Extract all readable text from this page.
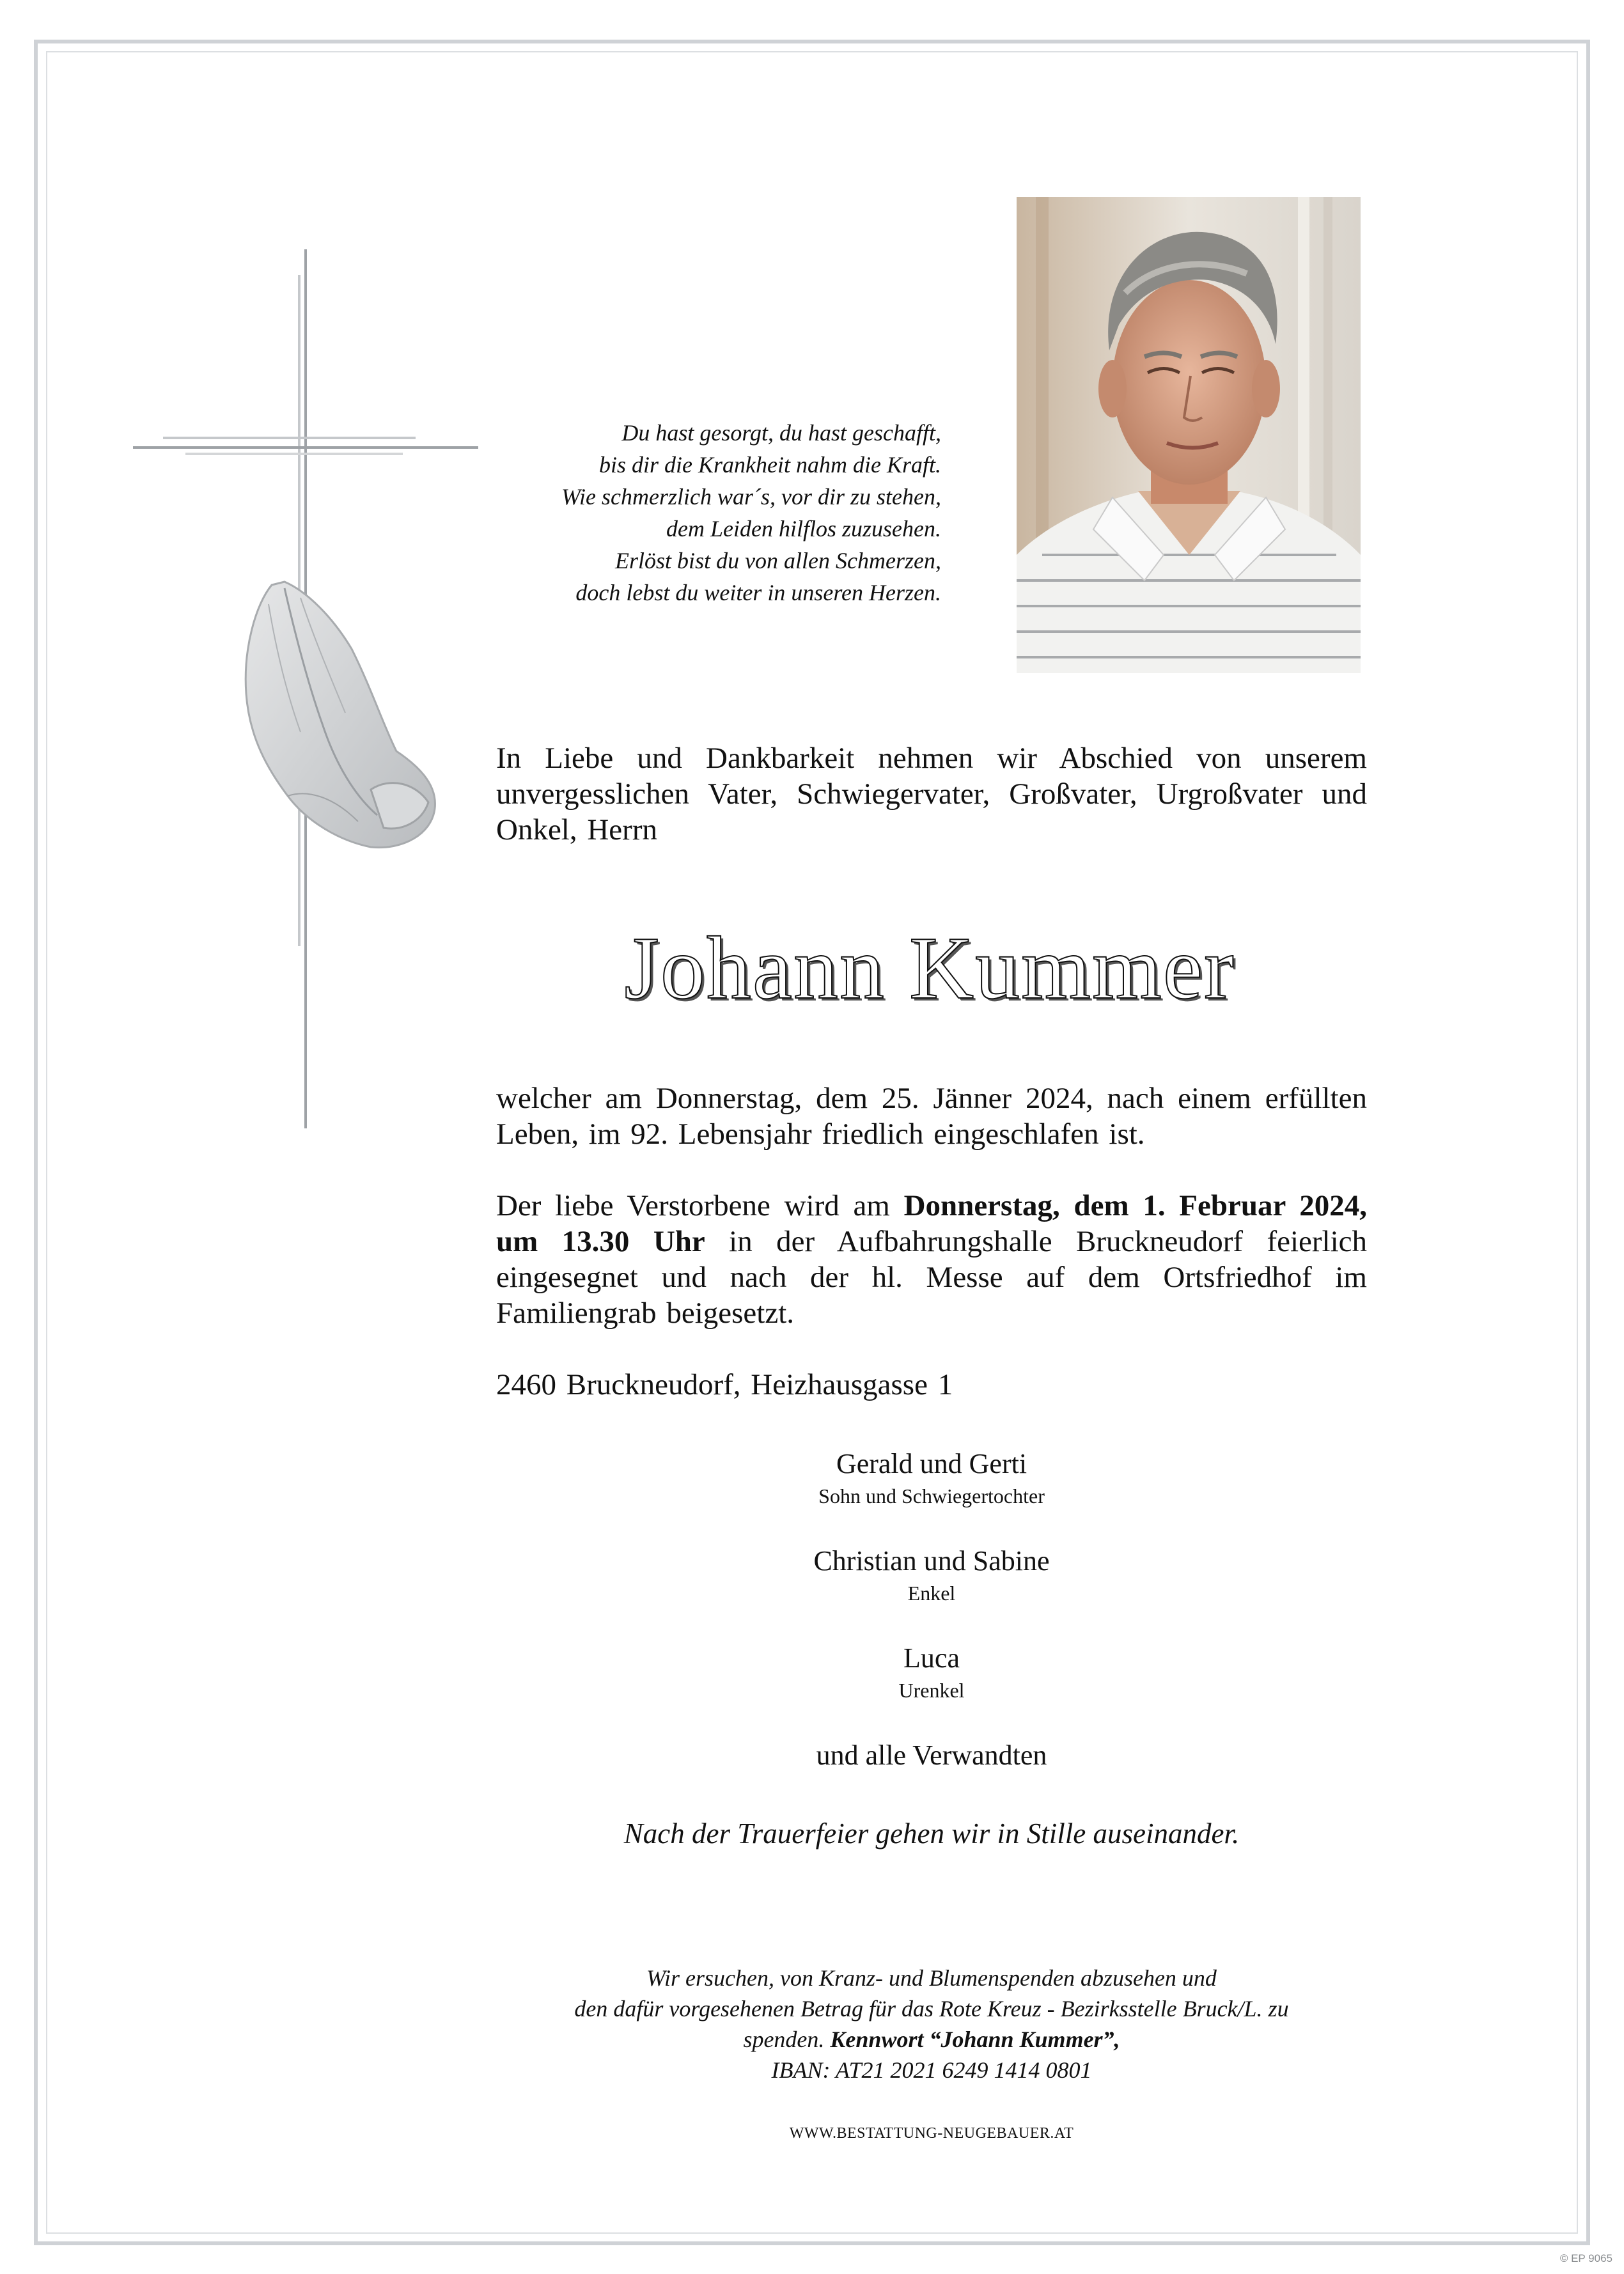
Du hast gesorgt, du hast geschafft,
bis dir die Krankheit nahm die Kraft.
Wie schmerzlich war´s, vor dir zu stehen,
dem Leiden hilflos zuzusehen.
Erlöst bist du von allen Schmerzen,
doch lebst du weiter in unseren Herzen.
In Liebe und Dankbarkeit nehmen wir Abschied von unserem unvergesslichen Vater, Schwiegervater, Großvater, Urgroßvater und Onkel, Herrn
Johann Kummer
welcher am Donnerstag, dem 25. Jänner 2024, nach einem erfüllten Leben, im 92. Lebensjahr friedlich eingeschlafen ist.
Der liebe Verstorbene wird am Donnerstag, dem 1. Februar 2024, um 13.30 Uhr in der Aufbahrungshalle Bruckneudorf feierlich eingesegnet und nach der hl. Messe auf dem Ortsfriedhof im Familiengrab beigesetzt.
2460 Bruckneudorf, Heizhausgasse 1
Gerald und Gerti
Sohn und Schwiegertochter
Christian und Sabine
Enkel
Luca
Urenkel
und alle Verwandten
Nach der Trauerfeier gehen wir in Stille auseinander.
Wir ersuchen, von Kranz- und Blumenspenden abzusehen und
den dafür vorgesehenen Betrag für das Rote Kreuz - Bezirksstelle Bruck/L. zu
spenden. Kennwort “Johann Kummer”,
IBAN: AT21 2021 6249 1414 0801
WWW.BESTATTUNG-NEUGEBAUER.AT
© EP 9065
